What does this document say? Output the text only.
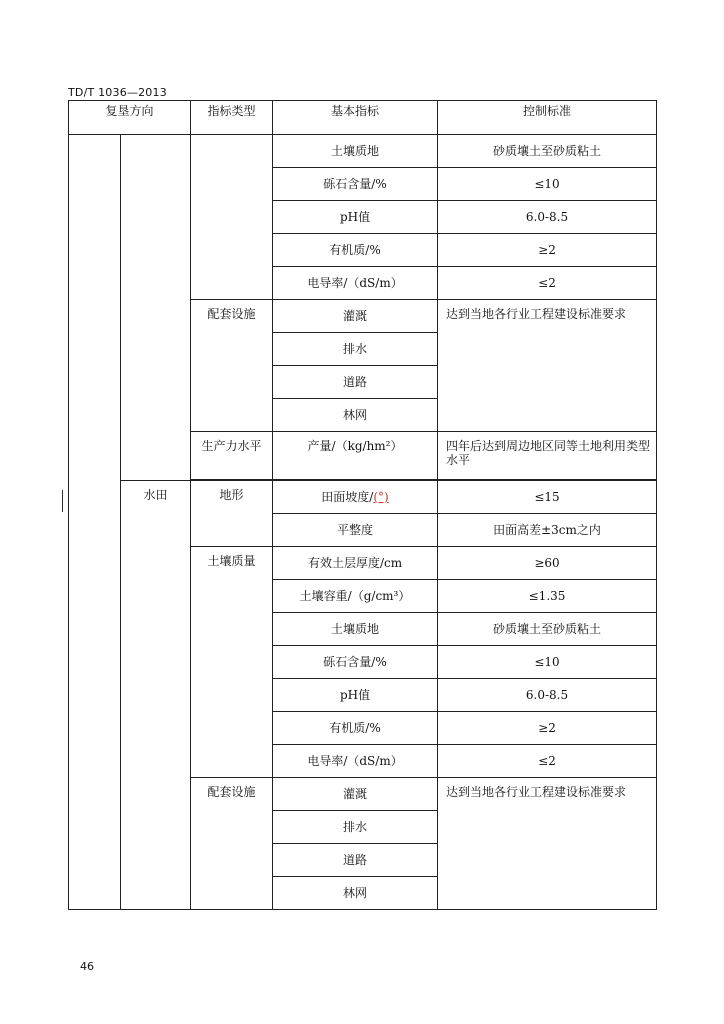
TD/T 1036—2013
复垦方向		指标类型	基本指标	控制标准
			土壤质地	砂质壤土至砂质粘土
			砾石含量/%	≤10
			pH值	6.0-8.5
			有机质/%	≥2
			电导率/（dS/m）	≤2
		配套设施	灌溉	达到当地各行业工程建设标准要求
			排水	
			道路	
			林网	
		生产力水平	产量/（kg/hm²）	四年后达到周边地区同等土地利用类型水平

	水田	地形	田面坡度/(°)	≤15
			平整度	田面高差±3cm之内
		土壤质量	有效土层厚度/cm	≥60
			土壤容重/（g/cm³）	≤1.35
			土壤质地	砂质壤土至砂质粘土
			砾石含量/%	≤10
			pH值	6.0-8.5
			有机质/%	≥2
			电导率/（dS/m）	≤2
		配套设施	灌溉	达到当地各行业工程建设标准要求
			排水	
			道路	
			林网	
46
